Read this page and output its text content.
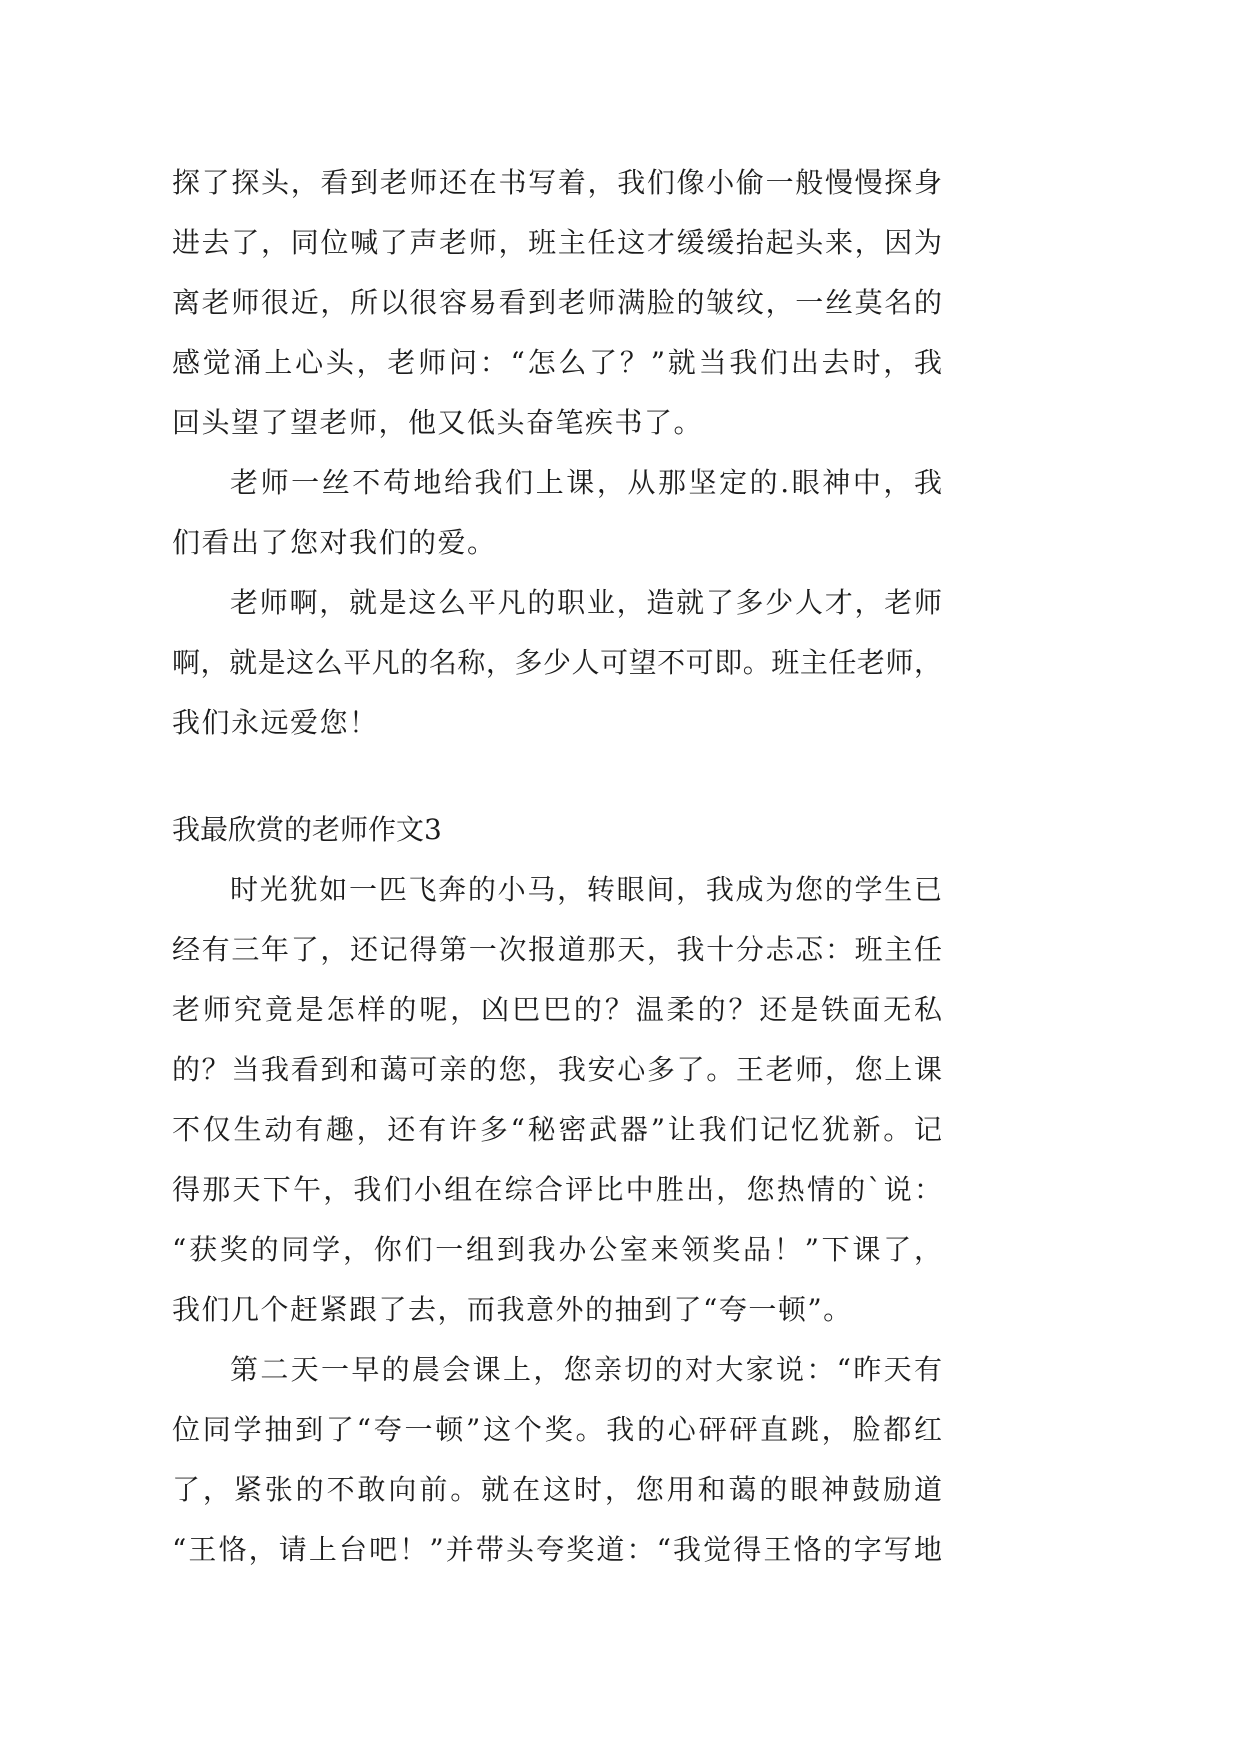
探了探头，看到老师还在书写着，我们像小偷一般慢慢探身
进去了，同位喊了声老师，班主任这才缓缓抬起头来，因为
离老师很近，所以很容易看到老师满脸的皱纹，一丝莫名的
感觉涌上心头，老师问：“怎么了？”就当我们出去时，我
回头望了望老师，他又低头奋笔疾书了。
老师一丝不苟地给我们上课，从那坚定的.眼神中，我
们看出了您对我们的爱。
老师啊，就是这么平凡的职业，造就了多少人才，老师
啊，就是这么平凡的名称，多少人可望不可即。班主任老师，
我们永远爱您！
我最欣赏的老师作文3
时光犹如一匹飞奔的小马，转眼间，我成为您的学生已
经有三年了，还记得第一次报道那天，我十分忐忑：班主任
老师究竟是怎样的呢，凶巴巴的？温柔的？还是铁面无私
的？当我看到和蔼可亲的您，我安心多了。王老师，您上课
不仅生动有趣，还有许多“秘密武器”让我们记忆犹新。记
得那天下午，我们小组在综合评比中胜出，您热情的`说：
“获奖的同学，你们一组到我办公室来领奖品！”下课了，
我们几个赶紧跟了去，而我意外的抽到了“夸一顿”。
第二天一早的晨会课上，您亲切的对大家说：“昨天有
位同学抽到了“夸一顿”这个奖。我的心砰砰直跳，脸都红
了，紧张的不敢向前。就在这时，您用和蔼的眼神鼓励道
“王恪，请上台吧！”并带头夸奖道：“我觉得王恪的字写地
